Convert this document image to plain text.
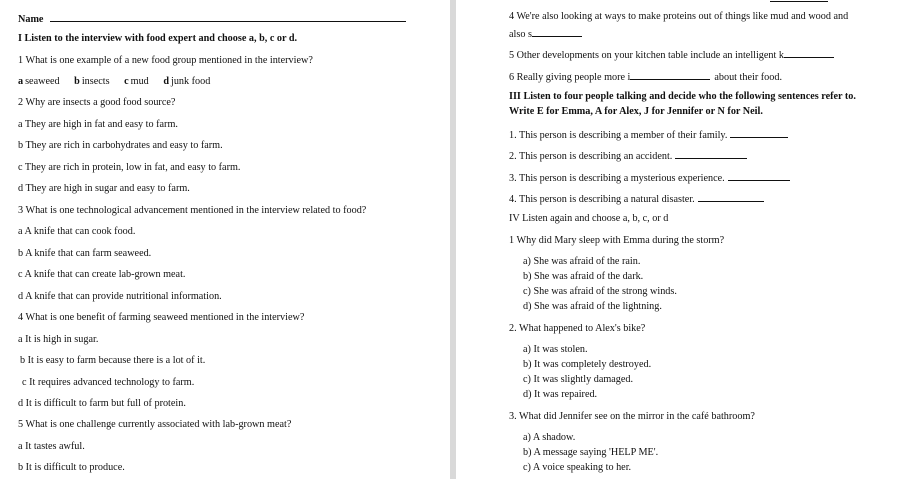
Name
I Listen to the interview with food expert and choose a, b, c or d.
1 What is one example of a new food group mentioned in the interview?
a seaweed b insects c mud d junk food
2 Why are insects a good food source?
a They are high in fat and easy to farm.
b They are rich in carbohydrates and easy to farm.
c They are rich in protein, low in fat, and easy to farm.
d They are high in sugar and easy to farm.
3 What is one technological advancement mentioned in the interview related to food?
a A knife that can cook food.
b A knife that can farm seaweed.
c A knife that can create lab-grown meat.
d A knife that can provide nutritional information.
4 What is one benefit of farming seaweed mentioned in the interview?
a It is high in sugar.
b It is easy to farm because there is a lot of it.
c It requires advanced technology to farm.
d It is difficult to farm but full of protein.
5 What is one challenge currently associated with lab-grown meat?
a It tastes awful.
b It is difficult to produce.
4 We're also looking at ways to make proteins out of things like mud and wood and
also s
5 Other developments on your kitchen table include an intelligent k
6 Really giving people more i	about their food.
III Listen to four people talking and decide who the following sentences refer to.
Write E for Emma, A for Alex, J for Jennifer or N for Neil.
1. This person is describing a member of their family.
2. This person is describing an accident.
3. This person is describing a mysterious experience.
4. This person is describing a natural disaster.
IV Listen again and choose a, b, c, or d
1 Why did Mary sleep with Emma during the storm?
a) She was afraid of the rain.
b) She was afraid of the dark.
c) She was afraid of the strong winds.
d) She was afraid of the lightning.
2. What happened to Alex's bike?
a) It was stolen.
b) It was completely destroyed.
c) It was slightly damaged.
d) It was repaired.
3. What did Jennifer see on the mirror in the café bathroom?
a) A shadow.
b) A message saying 'HELP ME'.
c) A voice speaking to her.
